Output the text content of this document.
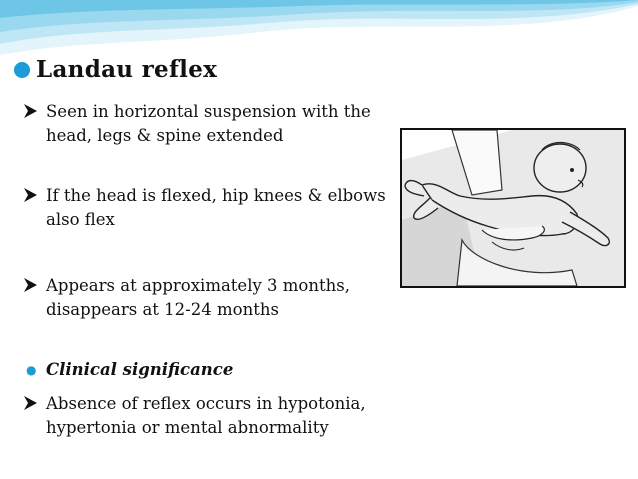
Landau reflex
Seen in horizontal suspension with the head, legs & spine extended
If the head is flexed, hip knees & elbows also flex
Appears at approximately 3 months, disappears at 12-24 months
● Clinical significance
Absence of reflex occurs in hypotonia, hypertonia or mental abnormality
